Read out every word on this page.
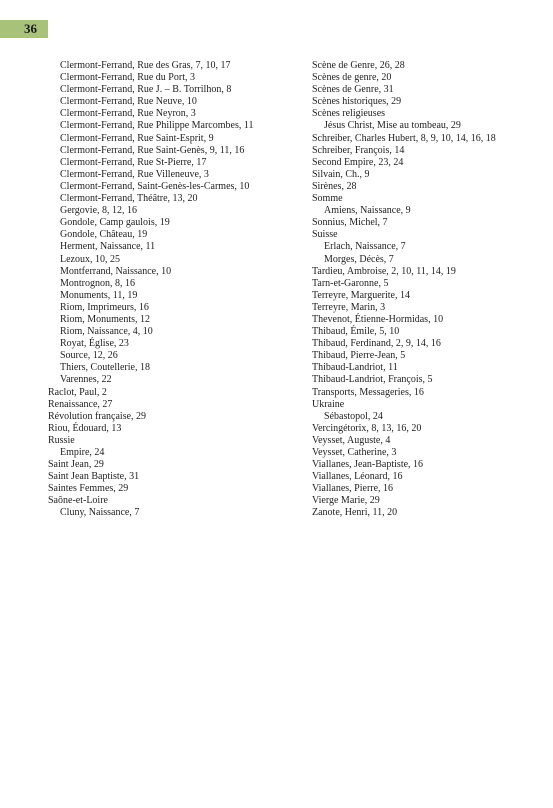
36
Clermont-Ferrand, Rue des Gras, 7, 10, 17
Clermont-Ferrand, Rue du Port, 3
Clermont-Ferrand, Rue J. – B. Torrilhon, 8
Clermont-Ferrand, Rue Neuve, 10
Clermont-Ferrand, Rue Neyron, 3
Clermont-Ferrand, Rue Philippe Marcombes, 11
Clermont-Ferrand, Rue Saint-Esprit, 9
Clermont-Ferrand, Rue Saint-Genès, 9, 11, 16
Clermont-Ferrand, Rue St-Pierre, 17
Clermont-Ferrand, Rue Villeneuve, 3
Clermont-Ferrand, Saint-Genès-les-Carmes, 10
Clermont-Ferrand, Théâtre, 13, 20
Gergovie, 8, 12, 16
Gondole, Camp gaulois, 19
Gondole, Château, 19
Herment, Naissance, 11
Lezoux, 10, 25
Montferrand, Naissance, 10
Montrognon, 8, 16
Monuments, 11, 19
Riom, Imprimeurs, 16
Riom, Monuments, 12
Riom, Naissance, 4, 10
Royat, Église, 23
Source, 12, 26
Thiers, Coutellerie, 18
Varennes, 22
Raclot, Paul, 2
Renaissance, 27
Révolution française, 29
Riou, Édouard, 13
Russie
Empire, 24
Saint Jean, 29
Saint Jean Baptiste, 31
Saintes Femmes, 29
Saône-et-Loire
Cluny, Naissance, 7
Scène de Genre, 26, 28
Scènes de genre, 20
Scènes de Genre, 31
Scènes historiques, 29
Scènes religieuses
Jésus Christ, Mise au tombeau, 29
Schreiber, Charles Hubert, 8, 9, 10, 14, 16, 18
Schreiber, François, 14
Second Empire, 23, 24
Silvain, Ch., 9
Sirènes, 28
Somme
Amiens, Naissance, 9
Sonnius, Michel, 7
Suisse
Erlach, Naissance, 7
Morges, Décès, 7
Tardieu, Ambroise, 2, 10, 11, 14, 19
Tarn-et-Garonne, 5
Terreyre, Marguerite, 14
Terreyre, Marin, 3
Thevenot, Étienne-Hormidas, 10
Thibaud, Émile, 5, 10
Thibaud, Ferdinand, 2, 9, 14, 16
Thibaud, Pierre-Jean, 5
Thibaud-Landriot, 11
Thibaud-Landriot, François, 5
Transports, Messageries, 16
Ukraine
Sébastopol, 24
Vercingétorix, 8, 13, 16, 20
Veysset, Auguste, 4
Veysset, Catherine, 3
Viallanes, Jean-Baptiste, 16
Viallanes, Léonard, 16
Viallanes, Pierre, 16
Vierge Marie, 29
Zanote, Henri, 11, 20
